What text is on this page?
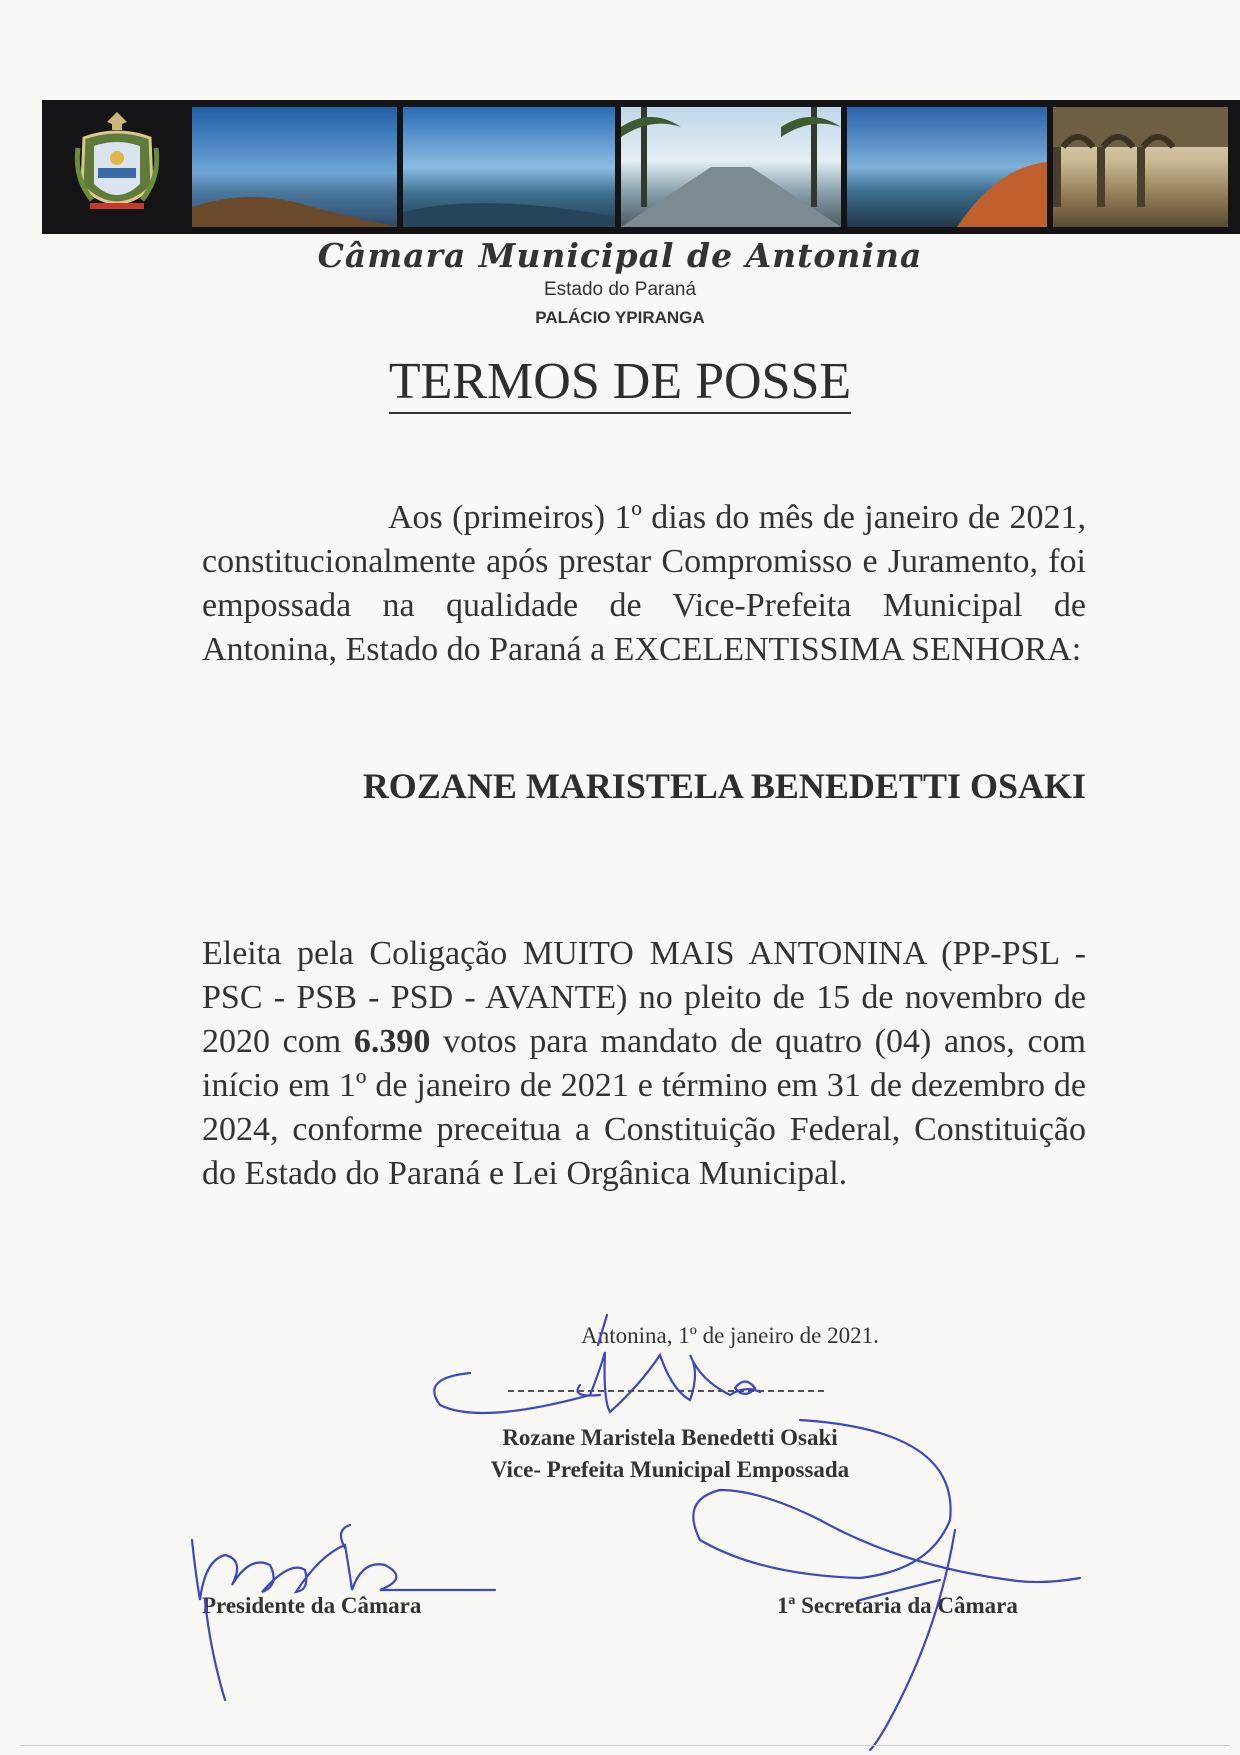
Câmara Municipal de Antonina
Estado do Paraná
PALÁCIO YPIRANGA
TERMOS DE POSSE
Aos (primeiros) 1º dias do mês de janeiro de 2021, constitucionalmente após prestar Compromisso e Juramento, foi empossada na qualidade de Vice-Prefeita Municipal de Antonina, Estado do Paraná a EXCELENTISSIMA SENHORA:
ROZANE MARISTELA BENEDETTI OSAKI
Eleita pela Coligação MUITO MAIS ANTONINA (PP-PSL - PSC - PSB - PSD - AVANTE) no pleito de 15 de novembro de 2020 com 6.390 votos para mandato de quatro (04) anos, com início em 1º de janeiro de 2021 e término em 31 de dezembro de 2024, conforme preceitua a Constituição Federal, Constituição do Estado do Paraná e Lei Orgânica Municipal.
Antonina, 1º de janeiro de 2021.
Rozane Maristela Benedetti Osaki
Vice- Prefeita Municipal Empossada
Presidente da Câmara	1ª Secretaria da Câmara
